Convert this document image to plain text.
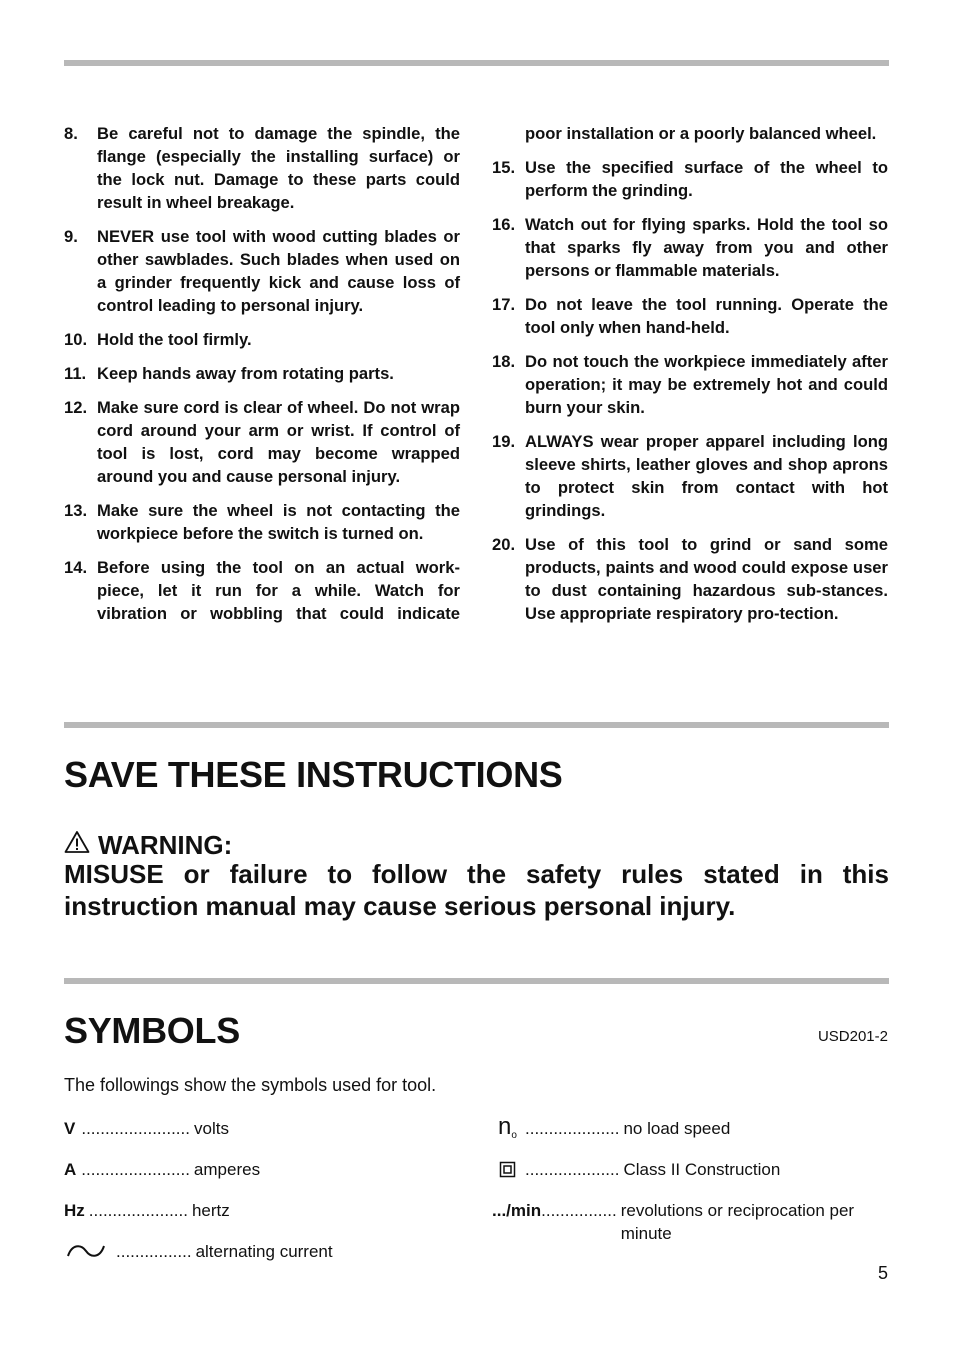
8.	Be careful not to damage the spindle, the flange (especially the installing surface) or the lock nut. Damage to these parts could result in wheel breakage.
9.	NEVER use tool with wood cutting blades or other sawblades. Such blades when used on a grinder frequently kick and cause loss of control leading to personal injury.
10. Hold the tool firmly.
11. Keep hands away from rotating parts.
12. Make sure cord is clear of wheel. Do not wrap cord around your arm or wrist. If control of tool is lost, cord may become wrapped around you and cause personal injury.
13. Make sure the wheel is not contacting the workpiece before the switch is turned on.
14. Before using the tool on an actual work-piece, let it run for a while. Watch for vibration or wobbling that could indicate
poor installation or a poorly balanced wheel.
15. Use the specified surface of the wheel to perform the grinding.
16. Watch out for flying sparks. Hold the tool so that sparks fly away from you and other persons or flammable materials.
17. Do not leave the tool running. Operate the tool only when hand-held.
18. Do not touch the workpiece immediately after operation; it may be extremely hot and could burn your skin.
19. ALWAYS wear proper apparel including long sleeve shirts, leather gloves and shop aprons to protect skin from contact with hot grindings.
20. Use of this tool to grind or sand some products, paints and wood could expose user to dust containing hazardous sub-stances. Use appropriate respiratory pro-tection.
SAVE THESE INSTRUCTIONS
WARNING:
MISUSE or failure to follow the safety rules stated in this instruction manual may cause serious personal injury.
SYMBOLS	USD201-2
The followings show the symbols used for tool.
V ....................... volts
A ....................... amperes
Hz ..................... hertz
................ alternating current
no .................... no load speed
.................... Class II Construction
.../min ................ revolutions or reciprocation per minute
5
